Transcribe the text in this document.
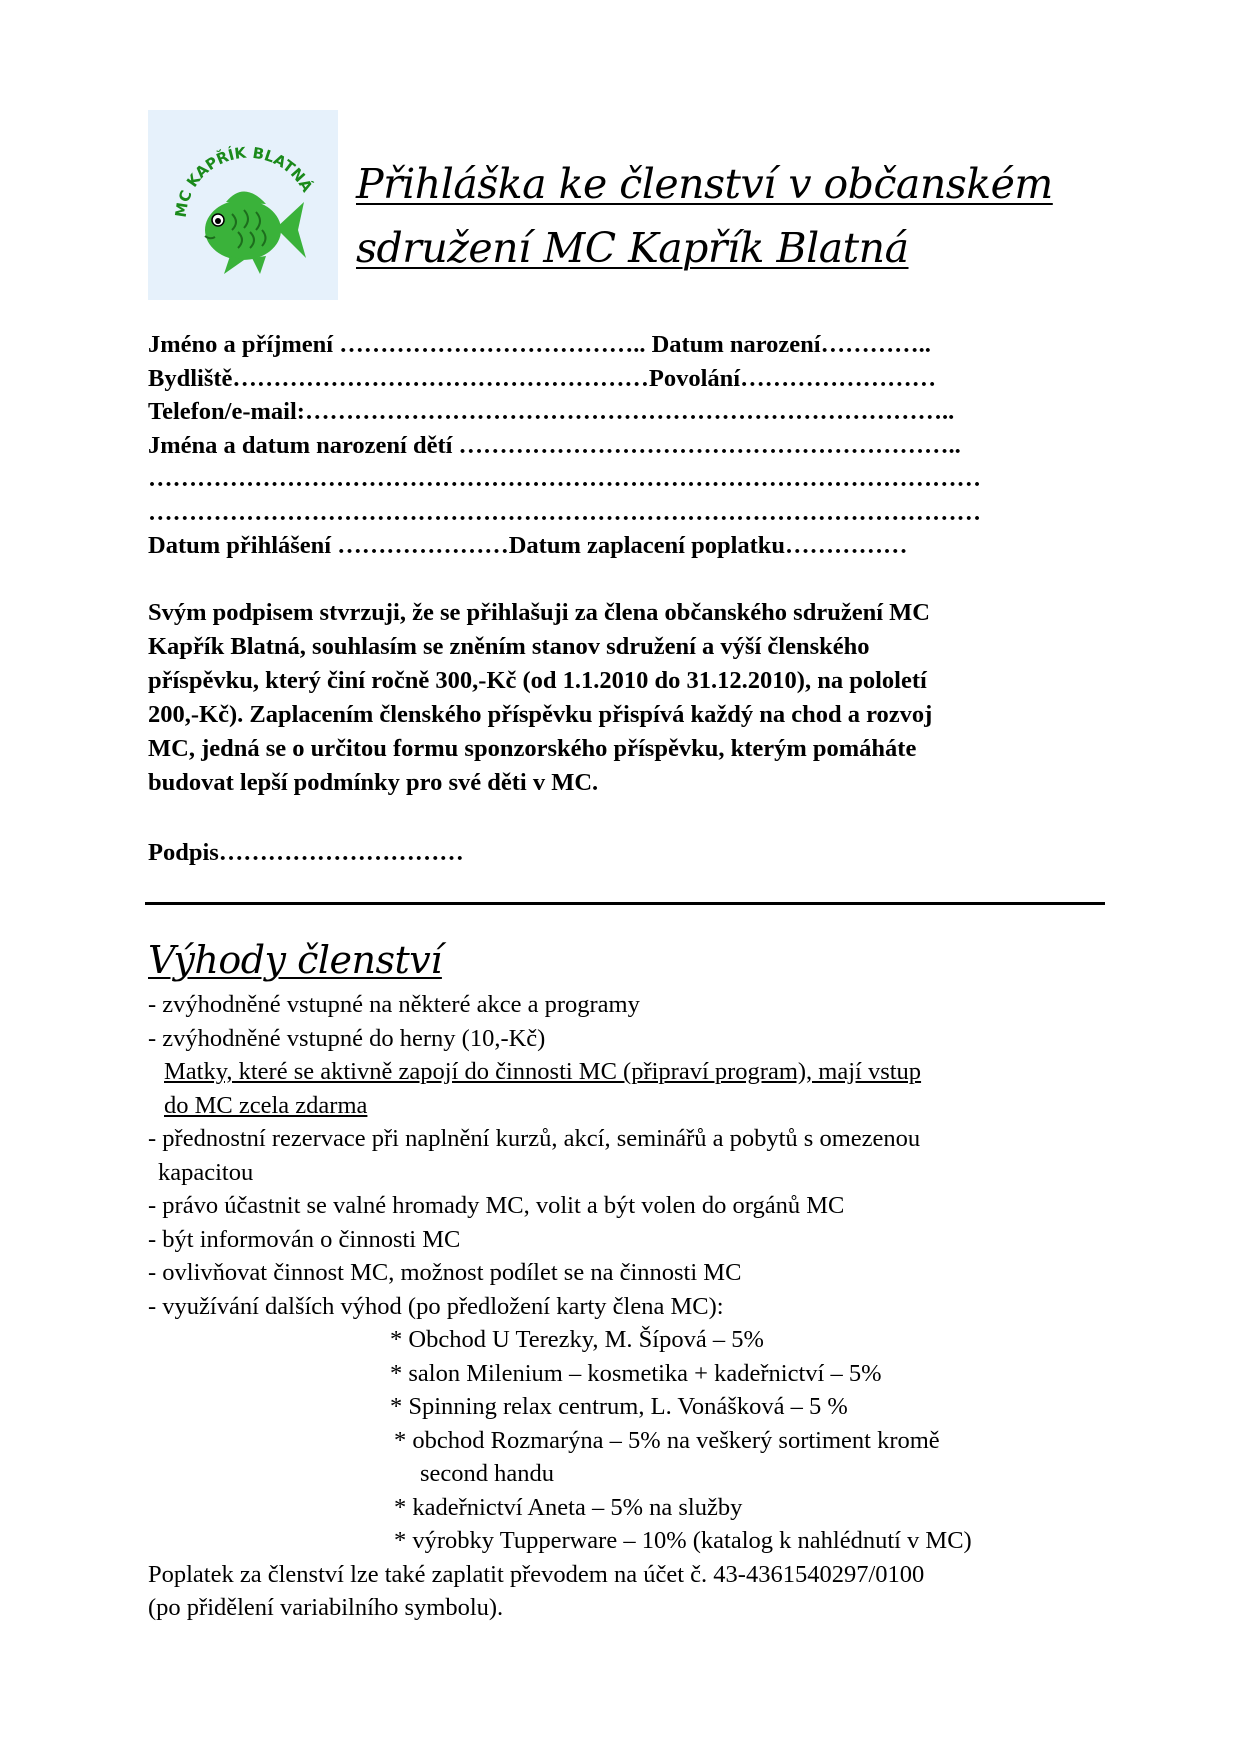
MC KAPŘÍK BLATNÁ Přihláška ke členství v občanském
sdružení MC Kapřík Blatná
Jméno a příjmení ……………………………….. Datum narození…………..
Bydliště……………………………………………Povolání……………………
Telefon/e-mail:……………………………………………………………………..
Jména a datum narození dětí ……………………………………………………..
…………………………………………………………………………………………
…………………………………………………………………………………………
Datum přihlášení …………………Datum zaplacení poplatku……………
Svým podpisem stvrzuji, že se přihlašuji za člena občanského sdružení MC
Kapřík Blatná, souhlasím se zněním stanov sdružení a výší členského
příspěvku, který činí ročně 300,-Kč (od 1.1.2010 do 31.12.2010), na pololetí
200,-Kč). Zaplacením členského příspěvku přispívá každý na chod a rozvoj
MC, jedná se o určitou formu sponzorského příspěvku, kterým pomáháte
budovat lepší podmínky pro své děti v MC.
Podpis…………………………
Výhody členství
- zvýhodněné vstupné na některé akce a programy
- zvýhodněné vstupné do herny (10,-Kč)
Matky, které se aktivně zapojí do činnosti MC (připraví program), mají vstup
do MC zcela zdarma
- přednostní rezervace při naplnění kurzů, akcí, seminářů a pobytů s omezenou
kapacitou
- právo účastnit se valné hromady MC, volit a být volen do orgánů MC
- být informován o činnosti MC
- ovlivňovat činnost MC, možnost podílet se na činnosti MC
- využívání dalších výhod (po předložení karty člena MC):
* Obchod U Terezky, M. Šípová – 5%
* salon Milenium – kosmetika + kadeřnictví – 5%
* Spinning relax centrum, L. Vonášková – 5 %
* obchod Rozmarýna – 5% na veškerý sortiment kromě
second handu
* kadeřnictví Aneta – 5% na služby
* výrobky Tupperware – 10% (katalog k nahlédnutí v MC)
Poplatek za členství lze také zaplatit převodem na účet č. 43-4361540297/0100
(po přidělení variabilního symbolu).
